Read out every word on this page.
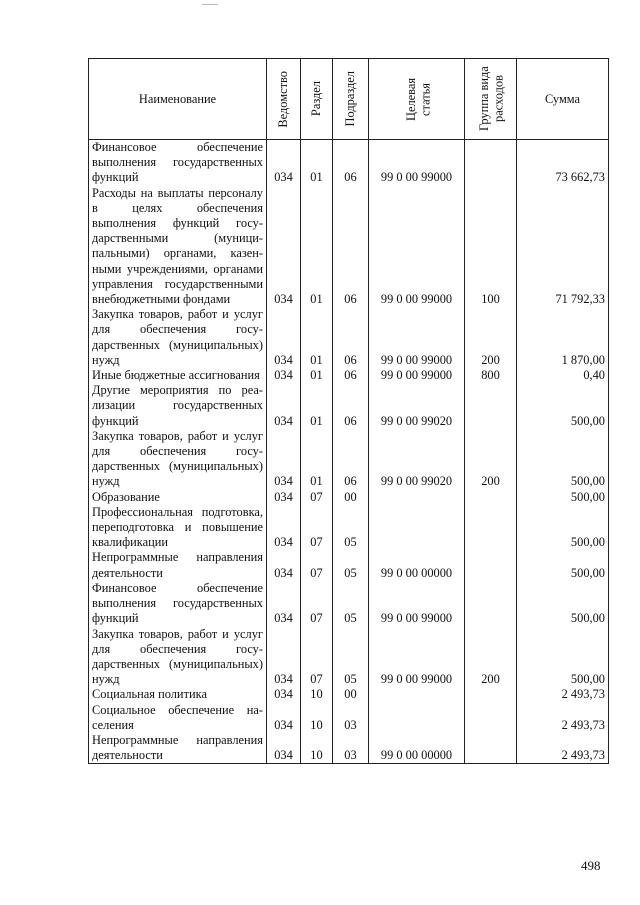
Наименование	Ведомство	Раздел	Подраздел	Целевая статья	Группа вида расходов	Сумма
Финансовое обеспечение выполнения государственных функций	034	01	06	99 0 00 99000		73 662,73
Расходы на выплаты персоналу в целях обеспечения выполнения функций государственными (муниципальными) органами, казенными учреждениями, органами управления государственными внебюджетными фондами	034	01	06	99 0 00 99000	100	71 792,33
Закупка товаров, работ и услуг для обеспечения государственных (муниципальных) нужд	034	01	06	99 0 00 99000	200	1 870,00
Иные бюджетные ассигнования	034	01	06	99 0 00 99000	800	0,40
Другие мероприятия по реализации государственных функций	034	01	06	99 0 00 99020		500,00
Закупка товаров, работ и услуг для обеспечения государственных (муниципальных) нужд	034	01	06	99 0 00 99020	200	500,00
Образование	034	07	00			500,00
Профессиональная подготовка, переподготовка и повышение квалификации	034	07	05			500,00
Непрограммные направления деятельности	034	07	05	99 0 00 00000		500,00
Финансовое обеспечение выполнения государственных функций	034	07	05	99 0 00 99000		500,00
Закупка товаров, работ и услуг для обеспечения государственных (муниципальных) нужд	034	07	05	99 0 00 99000	200	500,00
Социальная политика	034	10	00			2 493,73
Социальное обеспечение населения	034	10	03			2 493,73
Непрограммные направления деятельности	034	10	03	99 0 00 00000		2 493,73
498
